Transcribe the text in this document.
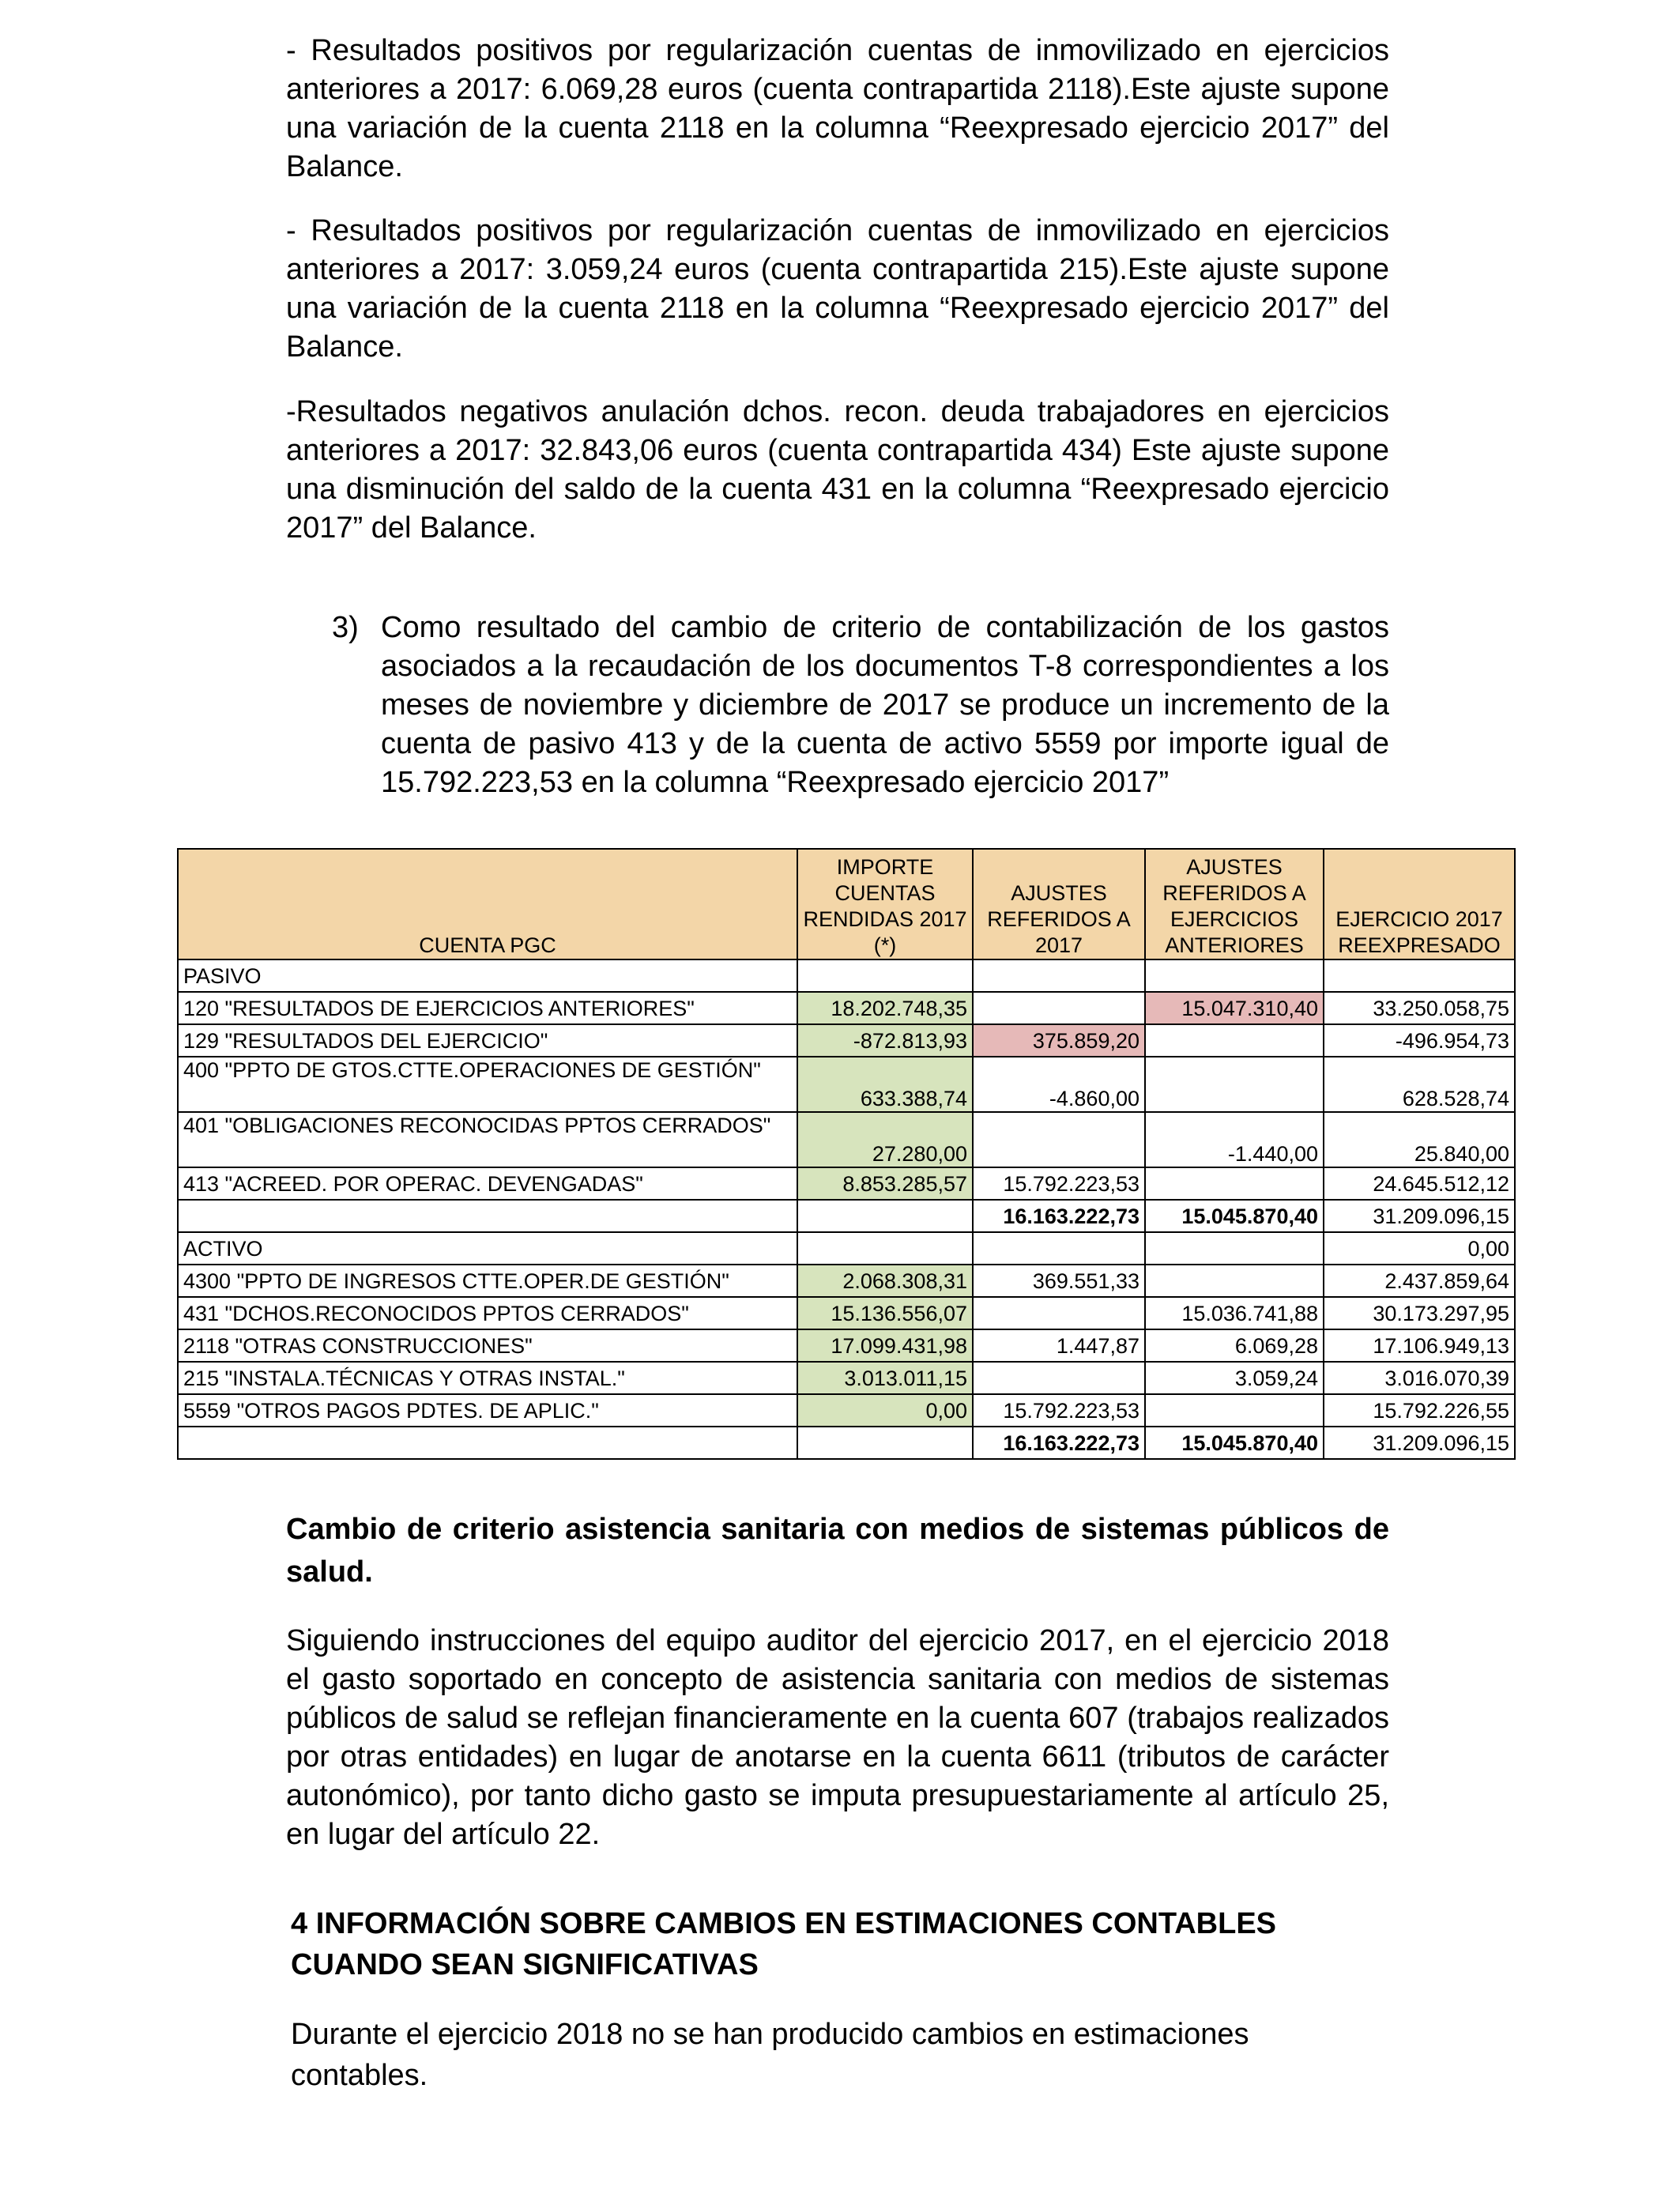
- Resultados positivos por regularización cuentas de inmovilizado en ejercicios anteriores a 2017: 6.069,28 euros (cuenta contrapartida 2118).Este ajuste supone una variación de la cuenta 2118 en la columna “Reexpresado ejercicio 2017” del Balance.

- Resultados positivos por regularización cuentas de inmovilizado en ejercicios anteriores a 2017: 3.059,24 euros (cuenta contrapartida 215).Este ajuste supone una variación de la cuenta 2118 en la columna “Reexpresado ejercicio 2017” del Balance.

-Resultados negativos anulación dchos. recon. deuda trabajadores en ejercicios anteriores a 2017: 32.843,06 euros (cuenta contrapartida 434) Este ajuste supone una disminución del saldo de la cuenta 431 en la columna “Reexpresado ejercicio 2017” del Balance.

3) Como resultado del cambio de criterio de contabilización de los gastos asociados a la recaudación de los documentos T-8 correspondientes a los meses de noviembre y diciembre de 2017 se produce un incremento de la cuenta de pasivo 413 y de la cuenta de activo 5559 por importe igual de 15.792.223,53 en la columna “Reexpresado ejercicio 2017”
CUENTA PGC	IMPORTE CUENTAS RENDIDAS 2017 (*)	AJUSTES REFERIDOS A 2017	AJUSTES REFERIDOS A EJERCICIOS ANTERIORES	EJERCICIO 2017 REEXPRESADO
PASIVO				
120 "RESULTADOS DE EJERCICIOS ANTERIORES"	18.202.748,35		15.047.310,40	33.250.058,75
129 "RESULTADOS DEL EJERCICIO"	-872.813,93	375.859,20		-496.954,73
400 "PPTO DE GTOS.CTTE.OPERACIONES DE GESTIÓN"	633.388,74	-4.860,00		628.528,74
401 "OBLIGACIONES RECONOCIDAS PPTOS CERRADOS"	27.280,00		-1.440,00	25.840,00
413 "ACREED. POR OPERAC. DEVENGADAS"	8.853.285,57	15.792.223,53		24.645.512,12
		16.163.222,73	15.045.870,40	31.209.096,15
ACTIVO				0,00
4300 "PPTO DE INGRESOS CTTE.OPER.DE GESTIÓN"	2.068.308,31	369.551,33		2.437.859,64
431 "DCHOS.RECONOCIDOS PPTOS CERRADOS"	15.136.556,07		15.036.741,88	30.173.297,95
2118 "OTRAS CONSTRUCCIONES"	17.099.431,98	1.447,87	6.069,28	17.106.949,13
215 "INSTALA.TÉCNICAS Y OTRAS INSTAL."	3.013.011,15		3.059,24	3.016.070,39
5559 "OTROS PAGOS PDTES. DE APLIC."	0,00	15.792.223,53		15.792.226,55
		16.163.222,73	15.045.870,40	31.209.096,15

Cambio de criterio asistencia sanitaria con medios de sistemas públicos de salud.

Siguiendo instrucciones del equipo auditor del ejercicio 2017, en el ejercicio 2018 el gasto soportado en concepto de asistencia sanitaria con medios de sistemas públicos de salud se reflejan financieramente en la cuenta 607 (trabajos realizados por otras entidades) en lugar de anotarse en la cuenta 6611 (tributos de carácter autonómico), por tanto dicho gasto se imputa presupuestariamente al artículo 25, en lugar del artículo 22.

4 INFORMACIÓN SOBRE CAMBIOS EN ESTIMACIONES CONTABLES CUANDO SEAN SIGNIFICATIVAS

Durante el ejercicio 2018 no se han producido cambios en estimaciones contables.
